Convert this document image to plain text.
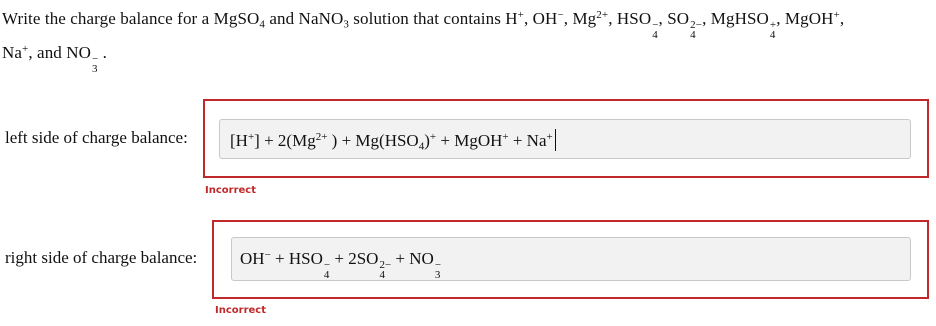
Write the charge balance for a MgSO$_4$ and NaNO$_3$ solution that contains H+, OH−, $Mg^{2+}$, HSO −
4
, SO 2−
4
, MgHSO +
4
, MgOH+,
Na+, and NO −
3
.
left side of charge balance: $[H^+] + 2(Mg^{2+}$ ) + $Mg(HSO_4)^+$ + MgOH+ + Na+
Incorrect
right side of charge balance:	OH− + HSO −
4
+ 2SO 2−
4
+ NO −
3
Incorrect
